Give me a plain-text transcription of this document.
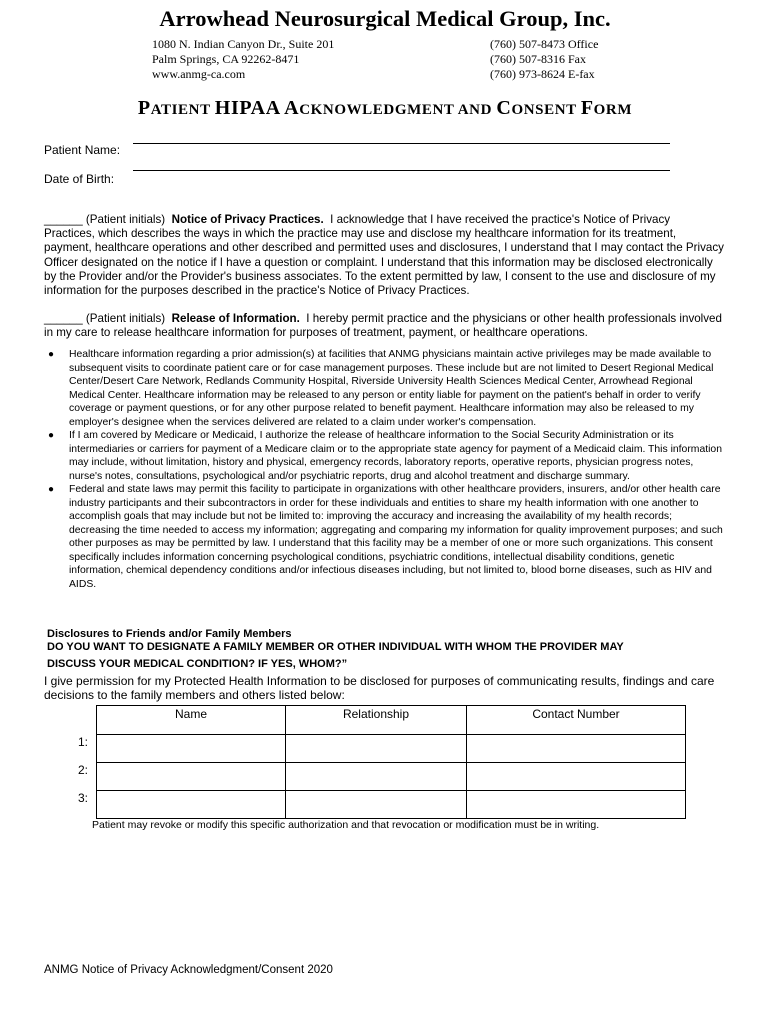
Arrowhead Neurosurgical Medical Group, Inc.
1080 N. Indian Canyon Dr., Suite 201
Palm Springs, CA 92262-8471
www.anmg-ca.com
(760) 507-8473 Office
(760) 507-8316 Fax
(760) 973-8624 E-fax
PATIENT HIPAA ACKNOWLEDGMENT AND CONSENT FORM
Patient Name:
Date of Birth:
______ (Patient initials) Notice of Privacy Practices. I acknowledge that I have received the practice's Notice of Privacy Practices, which describes the ways in which the practice may use and disclose my healthcare information for its treatment, payment, healthcare operations and other described and permitted uses and disclosures, I understand that I may contact the Privacy Officer designated on the notice if I have a question or complaint. I understand that this information may be disclosed electronically by the Provider and/or the Provider's business associates. To the extent permitted by law, I consent to the use and disclosure of my information for the purposes described in the practice's Notice of Privacy Practices.
______ (Patient initials) Release of Information. I hereby permit practice and the physicians or other health professionals involved in my care to release healthcare information for purposes of treatment, payment, or healthcare operations.
● Healthcare information regarding a prior admission(s) at facilities that ANMG physicians maintain active privileges may be made available to subsequent visits to coordinate patient care or for case management purposes. These include but are not limited to Desert Regional Medical Center/Desert Care Network, Redlands Community Hospital, Riverside University Health Sciences Medical Center, Arrowhead Regional Medical Center. Healthcare information may be released to any person or entity liable for payment on the patient's behalf in order to verify coverage or payment questions, or for any other purpose related to benefit payment. Healthcare information may also be released to my employer's designee when the services delivered are related to a claim under worker's compensation.
● If I am covered by Medicare or Medicaid, I authorize the release of healthcare information to the Social Security Administration or its intermediaries or carriers for payment of a Medicare claim or to the appropriate state agency for payment of a Medicaid claim. This information may include, without limitation, history and physical, emergency records, laboratory reports, operative reports, physician progress notes, nurse's notes, consultations, psychological and/or psychiatric reports, drug and alcohol treatment and discharge summary.
● Federal and state laws may permit this facility to participate in organizations with other healthcare providers, insurers, and/or other health care industry participants and their subcontractors in order for these individuals and entities to share my health information with one another to accomplish goals that may include but not be limited to: improving the accuracy and increasing the availability of my health records; decreasing the time needed to access my information; aggregating and comparing my information for quality improvement purposes; and such other purposes as may be permitted by law. I understand that this facility may be a member of one or more such organizations. This consent specifically includes information concerning psychological conditions, psychiatric conditions, intellectual disability conditions, genetic information, chemical dependency conditions and/or infectious diseases including, but not limited to, blood borne diseases, such as HIV and AIDS.
Disclosures to Friends and/or Family Members
DO YOU WANT TO DESIGNATE A FAMILY MEMBER OR OTHER INDIVIDUAL WITH WHOM THE PROVIDER MAY
DISCUSS YOUR MEDICAL CONDITION? IF YES, WHOM?”
I give permission for my Protected Health Information to be disclosed for purposes of communicating results, findings and care decisions to the family members and others listed below:
Name	Relationship	Contact Number

1:
2:
3:
Patient may revoke or modify this specific authorization and that revocation or modification must be in writing.
ANMG Notice of Privacy Acknowledgment/Consent 2020
